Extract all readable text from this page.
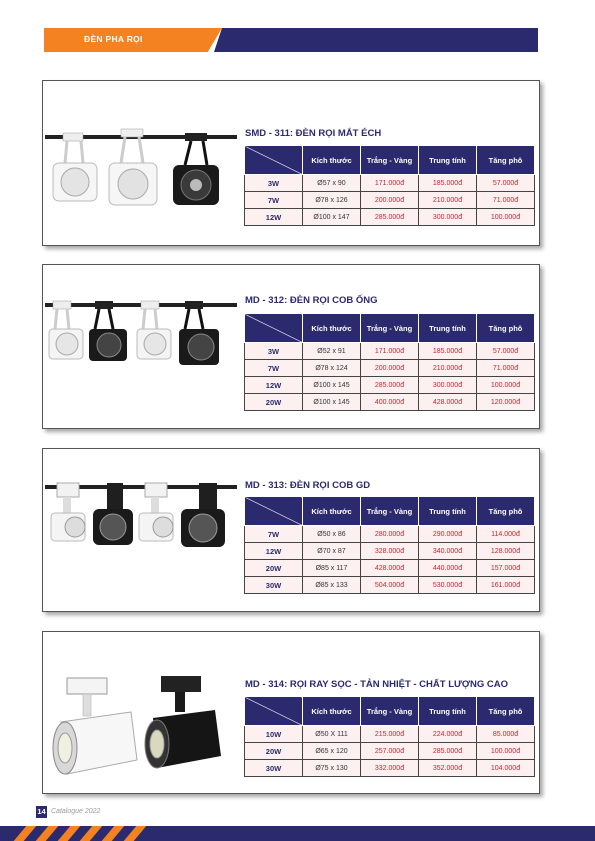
ĐÈN PHA RỌI
SMD - 311: ĐÈN RỌI MẮT ÉCH
	Kích thước	Trắng - Vàng	Trung tính	Tăng phô
3W	Ø57 x 90	171.000đ	185.000đ	57.000đ
7W	Ø78 x 126	200.000đ	210.000đ	71.000đ
12W	Ø100 x 147	285.000đ	300.000đ	100.000đ
MD - 312: ĐÈN RỌI COB ỐNG
	Kích thước	Trắng - Vàng	Trung tính	Tăng phô
3W	Ø52 x 91	171.000đ	185.000đ	57.000đ
7W	Ø78 x 124	200.000đ	210.000đ	71.000đ
12W	Ø100 x 145	285.000đ	300.000đ	100.000đ
20W	Ø100 x 145	400.000đ	428.000đ	120.000đ
MD - 313: ĐÈN RỌI COB GD
	Kích thước	Trắng - Vàng	Trung tính	Tăng phô
7W	Ø50 x 86	280.000đ	290.000đ	114.000đ
12W	Ø70 x 87	328.000đ	340.000đ	128.000đ
20W	Ø85 x 117	428.000đ	440.000đ	157.000đ
30W	Ø85 x 133	504.000đ	530.000đ	161.000đ
MD - 314: RỌI RAY SỌC - TẢN NHIỆT - CHẤT LƯỢNG CAO
	Kích thước	Trắng - Vàng	Trung tính	Tăng phô
10W	Ø50 X 111	215.000đ	224.000đ	85.000đ
20W	Ø65 x 120	257.000đ	285.000đ	100.000đ
30W	Ø75 x 130	332.000đ	352.000đ	104.000đ
14 Catalogue 2022
